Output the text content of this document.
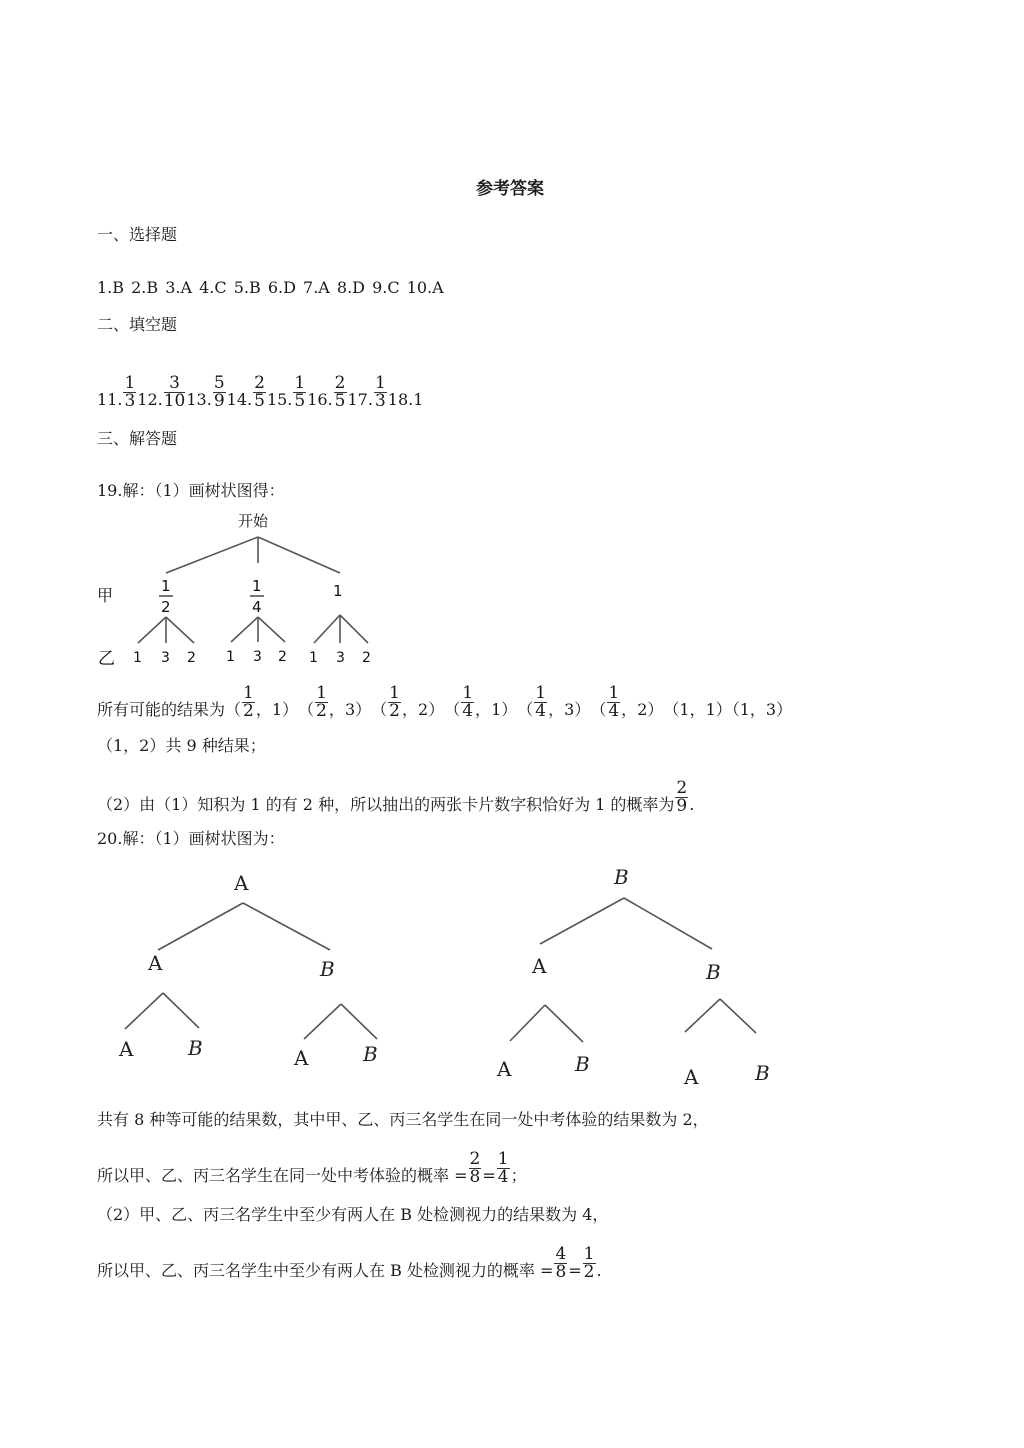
参考答案
一、选择题
1.B 2.B 3.A 4.C 5.B 6.D 7.A 8.D 9.C 10.A
二、填空题
11. $\frac{1}{3} 12$. $\frac{3}{10} 13$. $\frac{5}{9} 14$. $\frac{2}{5} 15$. $\frac{1}{5} 16$. $\frac{2}{5} 17$. $\frac{1}{3} 18.1$
三、解答题
19.解：（1）画树状图得：
开始
甲	1
2
1
4
1
乙 1 3 2 1 3 2 1 3 2
所有可能的结果为 （ $\frac{1}{2}$ ， 1 ） （ $\frac{1}{2}$ ， 3 ） （ $\frac{1}{2}$ ， 2 ） （ $\frac{1}{4}$ ， 1 ） （ $\frac{1}{4}$ ， 3 ） （ $\frac{1}{4}$ ， 2 ） （1，1）（1，3）
（1，2）共 9 种结果；
（2）由（1）知积为 1 的有 2 种，所以抽出的两张卡片数字积恰好为 1 的概率为 $\frac{2}{9}$ .
20.解：（1）画树状图为：
A
A	B
A	B	A	B
B
A	B
A	B
A	B
共有 8 种等可能的结果数，其中甲、乙、丙三名学生在同一处中考体验的结果数为 2，
所以甲、乙、丙三名学生在同一处中考体验的概率 = $\frac{2}{8} = \frac{1}{4}$ ；
（2）甲、乙、丙三名学生中至少有两人在 B 处检测视力的结果数为 4，
所以甲、乙、丙三名学生中至少有两人在 B 处检测视力的概率 = $\frac{4}{8} = \frac{1}{2}$ .
